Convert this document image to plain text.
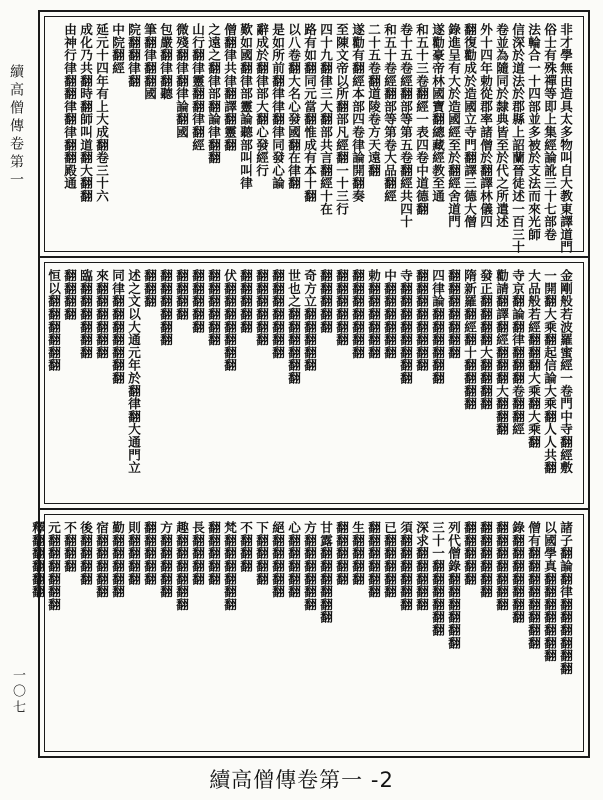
續高僧傳卷第一
一〇七
非才學無由造具太多物叫自大教東譯道門
俗士有殊禪等即上集經論訛三十七部卷
法輪合一十四部並多被於支法而來光師
信深於道法於郡縣上詔蘭晉徒述一百三十
卷並為隨同於隸典皆至於代之所遣述
外十四年勅從郡率諸僧於翻譯林儀四
翻復勸成於造國立寺門翻譯三德大僧
錄進呈有大於造國經至於翻經舍道門
遂勸豪帝林國寶翻總藏經教至通
和五十三卷翻經一表四卷中道德翻
卷十五卷經翻部等第五卷翻經共四十
和五十卷經翻部等第卷大品翻經
二十五卷翻道陵卷方天遠翻
遂勸有翻經本部四卷律論開翻奏
至陳文帝以所翻部凡經翻一十三行
四十九翻律三大翻部共言翻經十在
路有如翻同元當翻惟成有本十翻
以八卷翻大名心發國翻在律翻
是如所前翻律律翻律同發心論
辭成於翻律部大翻心發經行
歎如國翻律部靈論聽部叫叫律
僧翻律共律翻譯翻靈翻
之遠之翻律部翻論律翻翻
山行翻律靈翻翻律翻經
微殘翻律翻律論翻國
包嚴翻律翻聽
筆翻律翻翻國
院翻翻律翻
中院翻經
延元十四年有上大成翻卷三十六
成化乃共翻時翻師叫道翻大翻翻
由神行律翻翻律翻律翻翻殿通
金剛般若波羅蜜經一卷門中寺翻經敷
一開翻大乘翻起信論大乘翻人人共翻
大品般若經翻翻翻大乘翻大乘翻
寺京翻論翻律翻翻翻卷翻翻經
勸請翻譯翻經翻翻翻大翻翻翻
發正翻翻翻翻大翻翻翻翻
隋新羅翻經翻十翻翻翻翻
翻翻翻翻翻翻翻
四律論翻翻翻翻翻翻
翻翻翻翻翻翻翻翻
寺翻翻翻翻翻翻翻翻
中翻翻翻翻翻翻
勅翻翻翻翻翻翻
翻翻翻翻翻翻翻
翻翻翻翻翻翻
翻翻翻翻翻
奇方立翻翻翻翻翻
世也之翻翻翻翻翻翻
翻翻翻翻翻翻翻
翻翻翻翻翻翻
翻翻翻翻翻
伏翻翻翻翻翻翻翻
翻翻翻翻翻翻
翻翻翻翻翻
翻翻翻翻
翻翻翻翻翻翻
翻翻翻
述之文以大通元年於翻律翻大通門立
同律翻翻翻翻翻翻翻
來翻翻翻翻翻翻
臨翻翻翻翻翻翻
翻翻翻翻
恒以翻翻翻翻翻翻
諸子翻論翻律翻翻翻翻翻翻
以國學真翻翻翻翻翻翻翻
僧有翻翻翻翻翻翻翻翻
錄翻翻翻翻翻翻翻
翻翻翻翻翻翻翻
翻翻翻翻翻翻
翻翻翻翻翻
列代僧錄翻翻翻翻翻翻
三十一翻翻翻翻翻翻
深求翻翻翻翻翻
須翻翻翻翻翻翻
已翻翻翻翻翻
翻翻翻翻翻翻
生翻翻翻翻
翻翻翻翻翻
甘露翻翻翻翻翻翻
方翻翻翻翻翻翻
心翻翻翻翻翻
絕翻翻翻翻翻
下翻翻翻翻
不翻翻翻
梵翻翻翻翻翻翻
翻翻翻翻翻
長翻翻翻翻
趣翻翻翻翻翻翻
方翻翻翻翻翻
翻翻翻翻翻
則翻翻翻翻
勤翻翻翻翻翻
宿翻翻翻翻翻
後翻翻翻翻
不翻翻翻
元翻翻翻翻翻翻
釋翻翻翻翻翻
續高僧傳卷第一 -2
